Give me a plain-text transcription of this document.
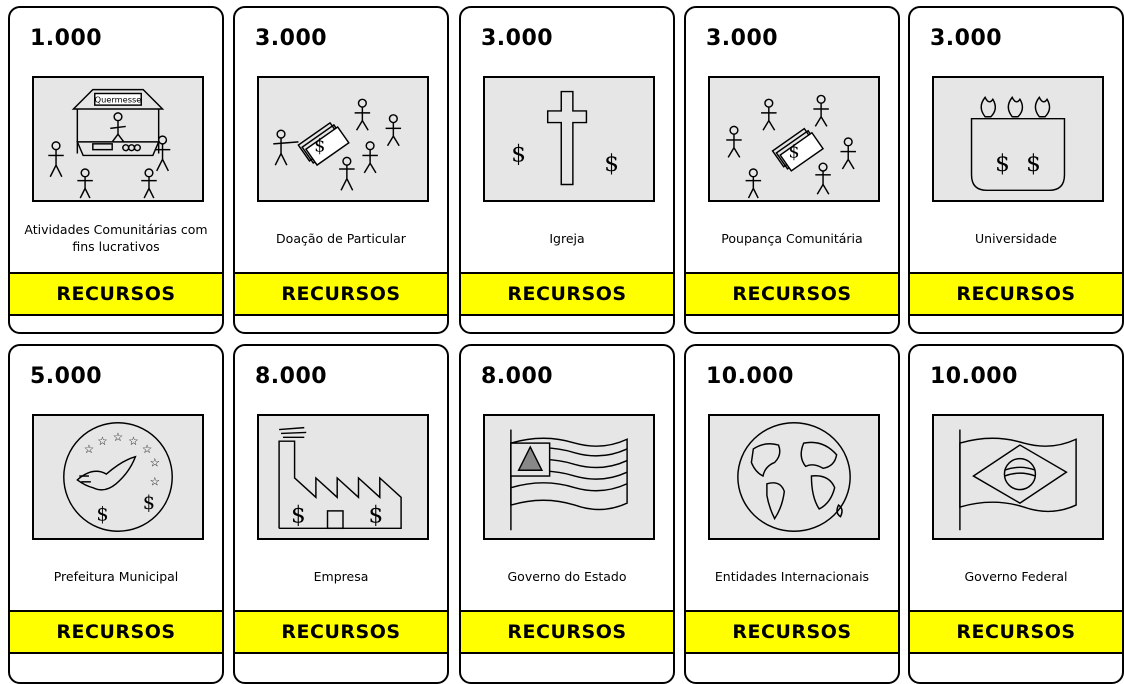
1.000
Quermesse
Atividades Comunitárias com fins lucrativos
RECURSOS
3.000
$
Doação de Particular
RECURSOS
3.000
$	$
Igreja
RECURSOS
3.000
$
Poupança Comunitária
RECURSOS
3.000
$ $
Universidade
RECURSOS
5.000
☆
☆ ☆ ☆
☆
☆
$
$
☆
Prefeitura Municipal
RECURSOS
8.000
$	$
Empresa
RECURSOS
8.000
Governo do Estado
RECURSOS
10.000
Entidades Internacionais
RECURSOS
10.000
Governo Federal
RECURSOS
